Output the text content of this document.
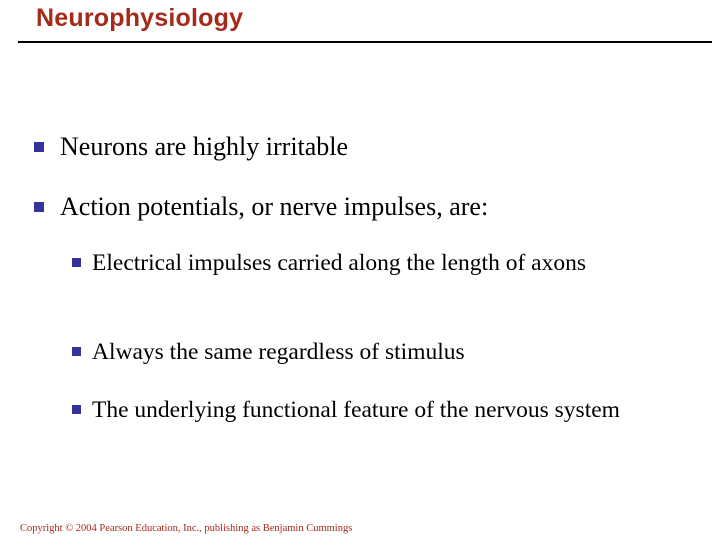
Neurophysiology
Neurons are highly irritable
Action potentials, or nerve impulses, are:
Electrical impulses carried along the length of axons
Always the same regardless of stimulus
The underlying functional feature of the nervous system
Copyright © 2004 Pearson Education, Inc., publishing as Benjamin Cummings
